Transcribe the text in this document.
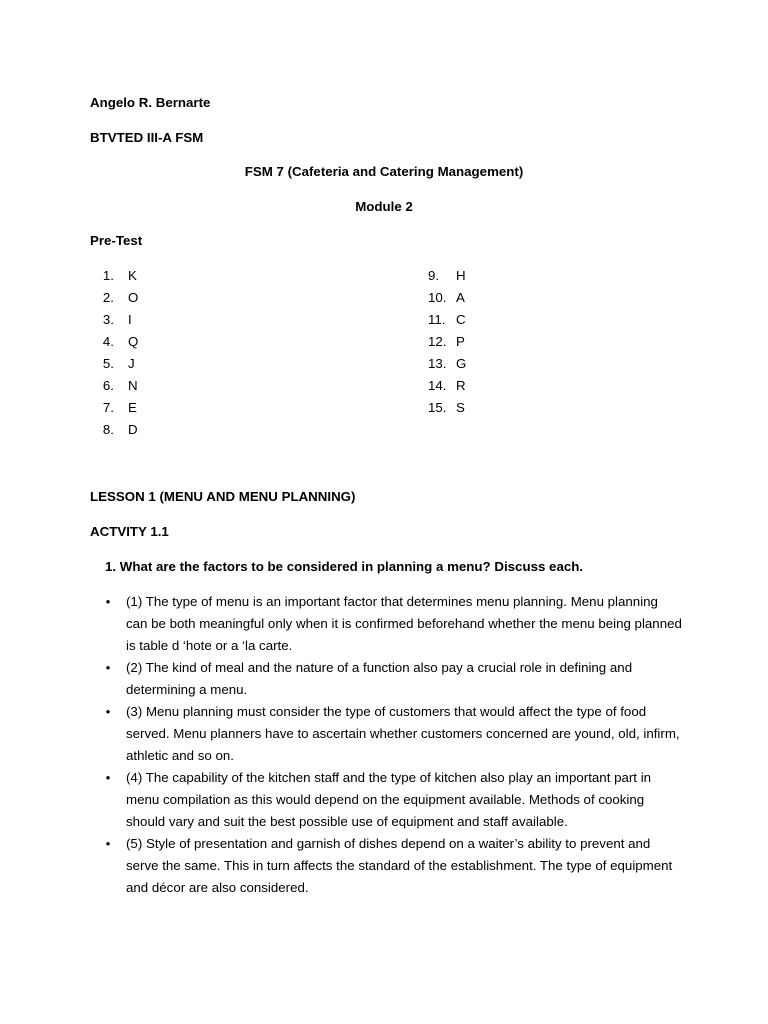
Angelo R. Bernarte
BTVTED III-A FSM
FSM 7 (Cafeteria and Catering Management)
Module 2
Pre-Test
1. K
2. O
3. I
4. Q
5. J
6. N
7. E
8. D
9. H
10. A
11. C
12. P
13. G
14. R
15. S
LESSON 1 (MENU AND MENU PLANNING)
ACTVITY 1.1
1. What are the factors to be considered in planning a menu? Discuss each.
• (1) The type of menu is an important factor that determines menu planning. Menu planning can be both meaningful only when it is confirmed beforehand whether the menu being planned is table d ‘hote or a ‘la carte.
• (2) The kind of meal and the nature of a function also pay a crucial role in defining and determining a menu.
• (3) Menu planning must consider the type of customers that would affect the type of food served. Menu planners have to ascertain whether customers concerned are yound, old, infirm, athletic and so on.
• (4) The capability of the kitchen staff and the type of kitchen also play an important part in menu compilation as this would depend on the equipment available. Methods of cooking should vary and suit the best possible use of equipment and staff available.
• (5) Style of presentation and garnish of dishes depend on a waiter’s ability to prevent and serve the same. This in turn affects the standard of the establishment. The type of equipment and décor are also considered.
